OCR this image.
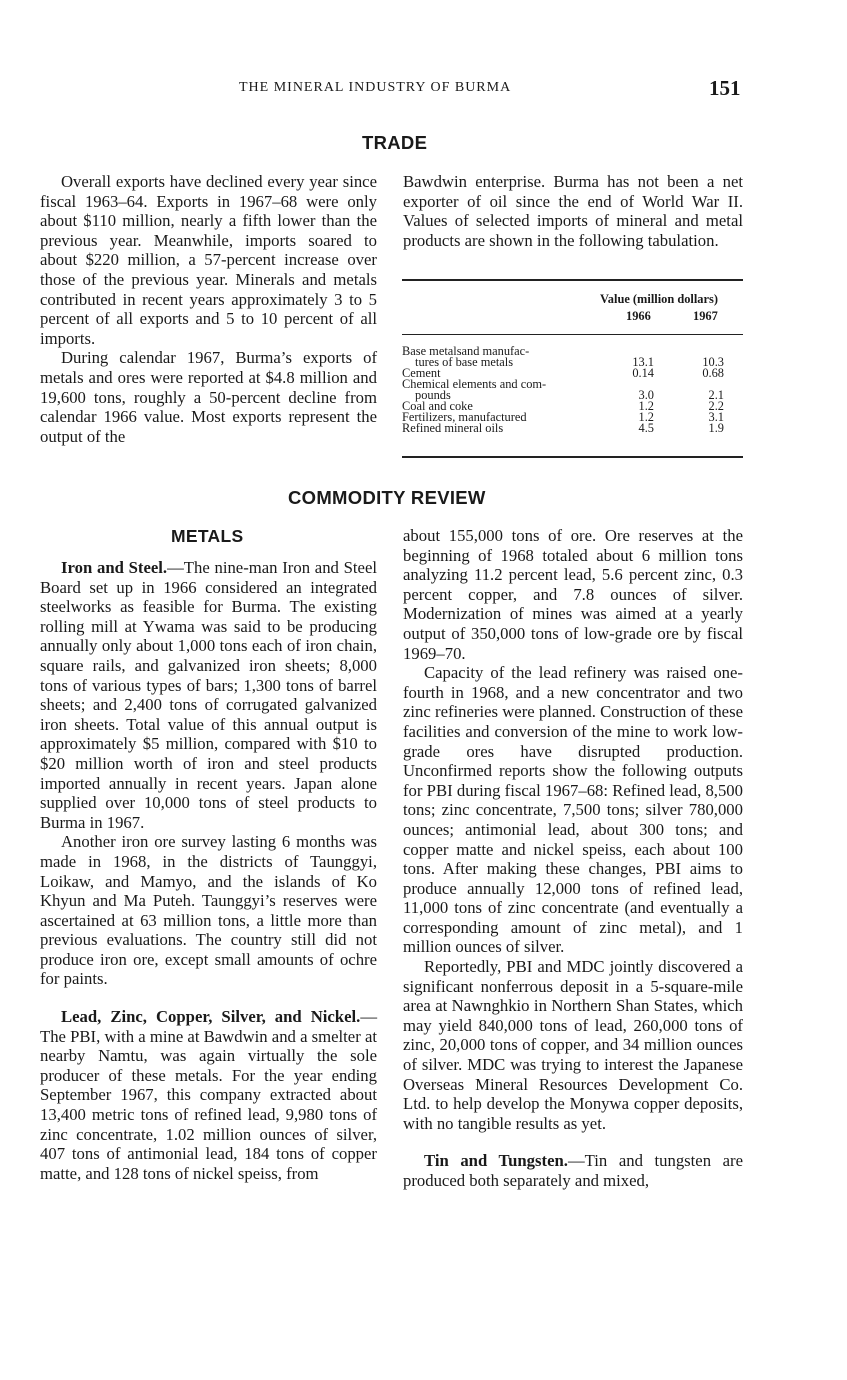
THE MINERAL INDUSTRY OF BURMA	151
TRADE

Overall exports have declined every year since fiscal 1963–64. Exports in 1967–68 were only about $110 million, nearly a fifth lower than the previous year. Meanwhile, imports soared to about $220 million, a 57-percent increase over those of the previous year. Minerals and metals contributed in recent years approximately 3 to 5 percent of all exports and 5 to 10 percent of all imports.

During calendar 1967, Burma’s exports of metals and ores were reported at $4.8 million and 19,600 tons, roughly a 50-percent decline from calendar 1966 value. Most exports represent the output of the

Bawdwin enterprise. Burma has not been a net exporter of oil since the end of World War II. Values of selected imports of mineral and metal products are shown in the following tabulation.

Value (million dollars)
1966	1967
Base metalsand manufac-
tures of base metals	13.1	10.3
Cement	0.14	0.68
Chemical elements and com-
pounds	3.0	2.1
Coal and coke	1.2	2.2
Fertilizers, manufactured	1.2	3.1
Refined mineral oils	4.5	1.9
COMMODITY REVIEW
METALS

Iron and Steel.—The nine-man Iron and Steel Board set up in 1966 considered an integrated steelworks as feasible for Burma. The existing rolling mill at Ywama was said to be producing annually only about 1,000 tons each of iron chain, square rails, and galvanized iron sheets; 8,000 tons of various types of bars; 1,300 tons of barrel sheets; and 2,400 tons of corrugated galvanized iron sheets. Total value of this annual output is approximately $5 million, compared with $10 to $20 million worth of iron and steel products imported annually in recent years. Japan alone supplied over 10,000 tons of steel products to Burma in 1967.

Another iron ore survey lasting 6 months was made in 1968, in the districts of Taunggyi, Loikaw, and Mamyo, and the islands of Ko Khyun and Ma Puteh. Taunggyi’s reserves were ascertained at 63 million tons, a little more than previous evaluations. The country still did not produce iron ore, except small amounts of ochre for paints.

Lead, Zinc, Copper, Silver, and Nickel.—The PBI, with a mine at Bawdwin and a smelter at nearby Namtu, was again virtually the sole producer of these metals. For the year ending September 1967, this company extracted about 13,400 metric tons of refined lead, 9,980 tons of zinc concentrate, 1.02 million ounces of silver, 407 tons of antimonial lead, 184 tons of copper matte, and 128 tons of nickel speiss, from

about 155,000 tons of ore. Ore reserves at the beginning of 1968 totaled about 6 million tons analyzing 11.2 percent lead, 5.6 percent zinc, 0.3 percent copper, and 7.8 ounces of silver. Modernization of mines was aimed at a yearly output of 350,000 tons of low-grade ore by fiscal 1969–70.

Capacity of the lead refinery was raised one-fourth in 1968, and a new concentrator and two zinc refineries were planned. Construction of these facilities and conversion of the mine to work low-grade ores have disrupted production. Unconfirmed reports show the following outputs for PBI during fiscal 1967–68: Refined lead, 8,500 tons; zinc concentrate, 7,500 tons; silver 780,000 ounces; antimonial lead, about 300 tons; and copper matte and nickel speiss, each about 100 tons. After making these changes, PBI aims to produce annually 12,000 tons of refined lead, 11,000 tons of zinc concentrate (and eventually a corresponding amount of zinc metal), and 1 million ounces of silver.

Reportedly, PBI and MDC jointly discovered a significant nonferrous deposit in a 5-square-mile area at Nawnghkio in Northern Shan States, which may yield 840,000 tons of lead, 260,000 tons of zinc, 20,000 tons of copper, and 34 million ounces of silver. MDC was trying to interest the Japanese Overseas Mineral Resources Development Co. Ltd. to help develop the Monywa copper deposits, with no tangible results as yet.

Tin and Tungsten.—Tin and tungsten are produced both separately and mixed,
